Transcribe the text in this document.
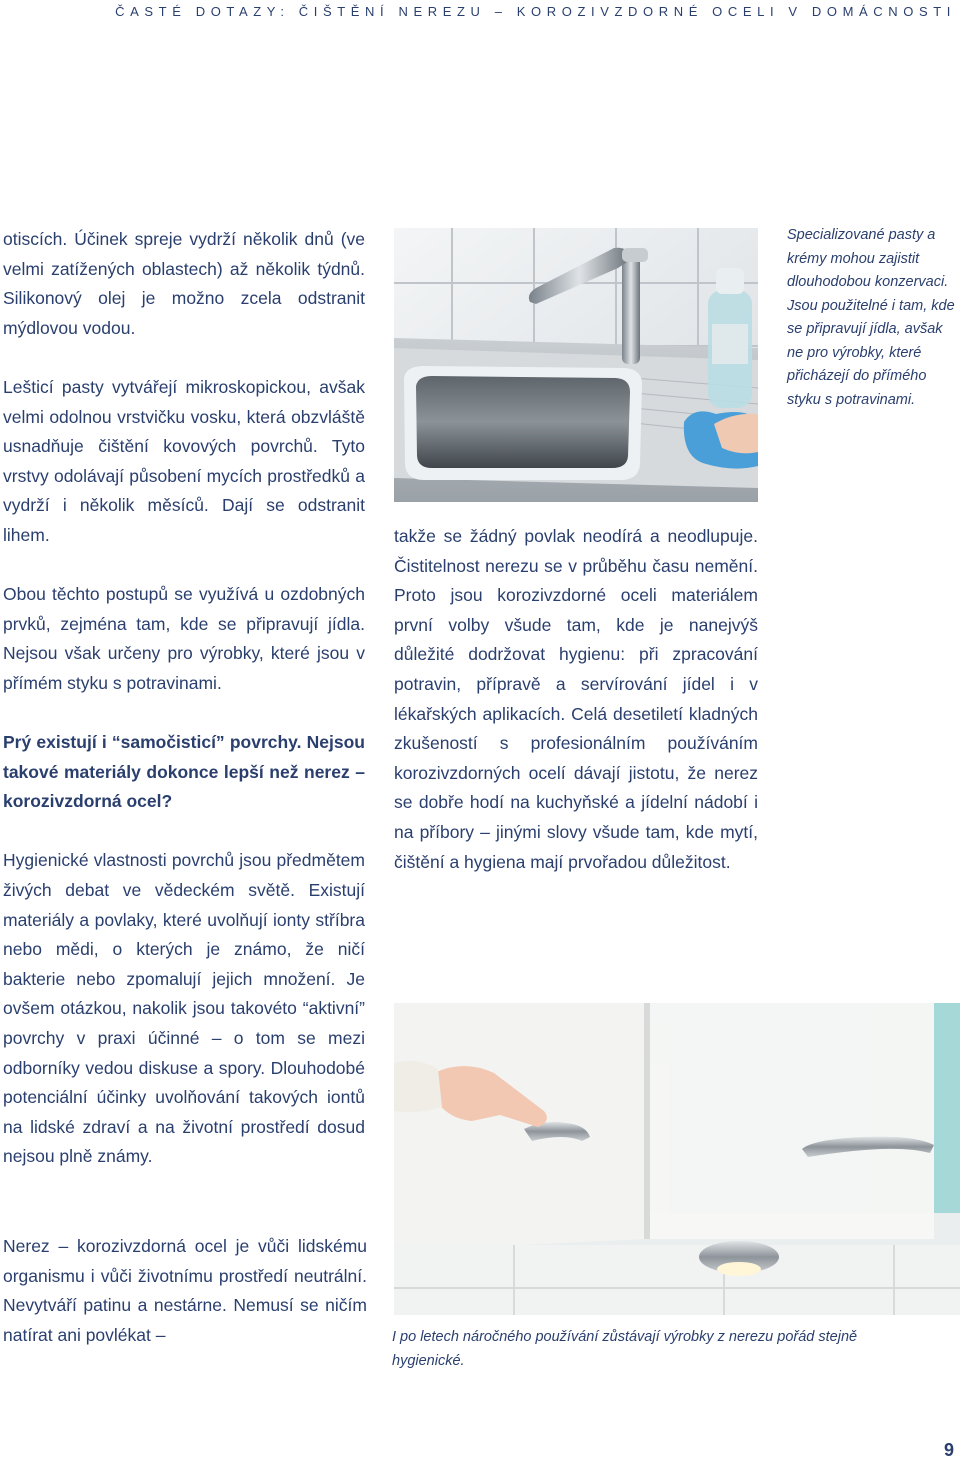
ČASTÉ DOTAZY: ČIŠTĚNÍ NEREZU – KOROZIVZDORNÉ OCELI V DOMÁCNOSTI

otiscích. Účinek spreje vydrží několik dnů (ve velmi zatížených oblastech) až několik týdnů. Silikonový olej je možno zcela odstranit mýdlovou vodou.

Lešticí pasty vytvářejí mikroskopickou, avšak velmi odolnou vrstvičku vosku, která obzvláště usnadňuje čištění kovových povrchů. Tyto vrstvy odolávají působení mycích prostředků a vydrží i několik měsíců. Dají se odstranit lihem.

Obou těchto postupů se využívá u ozdobných prvků, zejména tam, kde se připravují jídla. Nejsou však určeny pro výrobky, které jsou v přímém styku s potravinami.

Prý existují i “samočisticí” povrchy. Nejsou takové materiály dokonce lepší než nerez – korozivzdorná ocel?

Hygienické vlastnosti povrchů jsou předmětem živých debat ve vědeckém světě. Existují materiály a povlaky, které uvolňují ionty stříbra nebo mědi, o kterých je známo, že ničí bakterie nebo zpomalují jejich množení. Je ovšem otázkou, nakolik jsou takovéto “aktivní” povrchy v praxi účinné – o tom se mezi odborníky vedou diskuse a spory. Dlouhodobé potenciální účinky uvolňování takových iontů na lidské zdraví a na životní prostředí dosud nejsou plně známy.

Specializované pasty a krémy mohou zajistit dlouhodobou konzervaci. Jsou použitelné i tam, kde se připravují jídla, avšak ne pro výrobky, které přicházejí do přímého styku s potravinami.

takže se žádný povlak neodírá a neodlupuje. Čistitelnost nerezu se v průběhu času nemění. Proto jsou korozivzdorné oceli materiálem první volby všude tam, kde je nanejvýš důležité dodržovat hygienu: při zpracování potravin, přípravě a servírování jídel i v lékařských aplikacích. Celá desetiletí kladných zkušeností s profesionálním používáním korozivzdorných ocelí dávají jistotu, že nerez se dobře hodí na kuchyňské a jídelní nádobí i na příbory – jinými slovy všude tam, kde mytí, čištění a hygiena mají prvořadou důležitost.

Nerez – korozivzdorná ocel je vůči lidskému organismu i vůči životnímu prostředí neutrální. Nevytváří patinu a nestárne. Nemusí se ničím natírat ani povlékat –	I po letech náročného používání zůstávají výrobky z nerezu pořád stejně hygienické.
9
